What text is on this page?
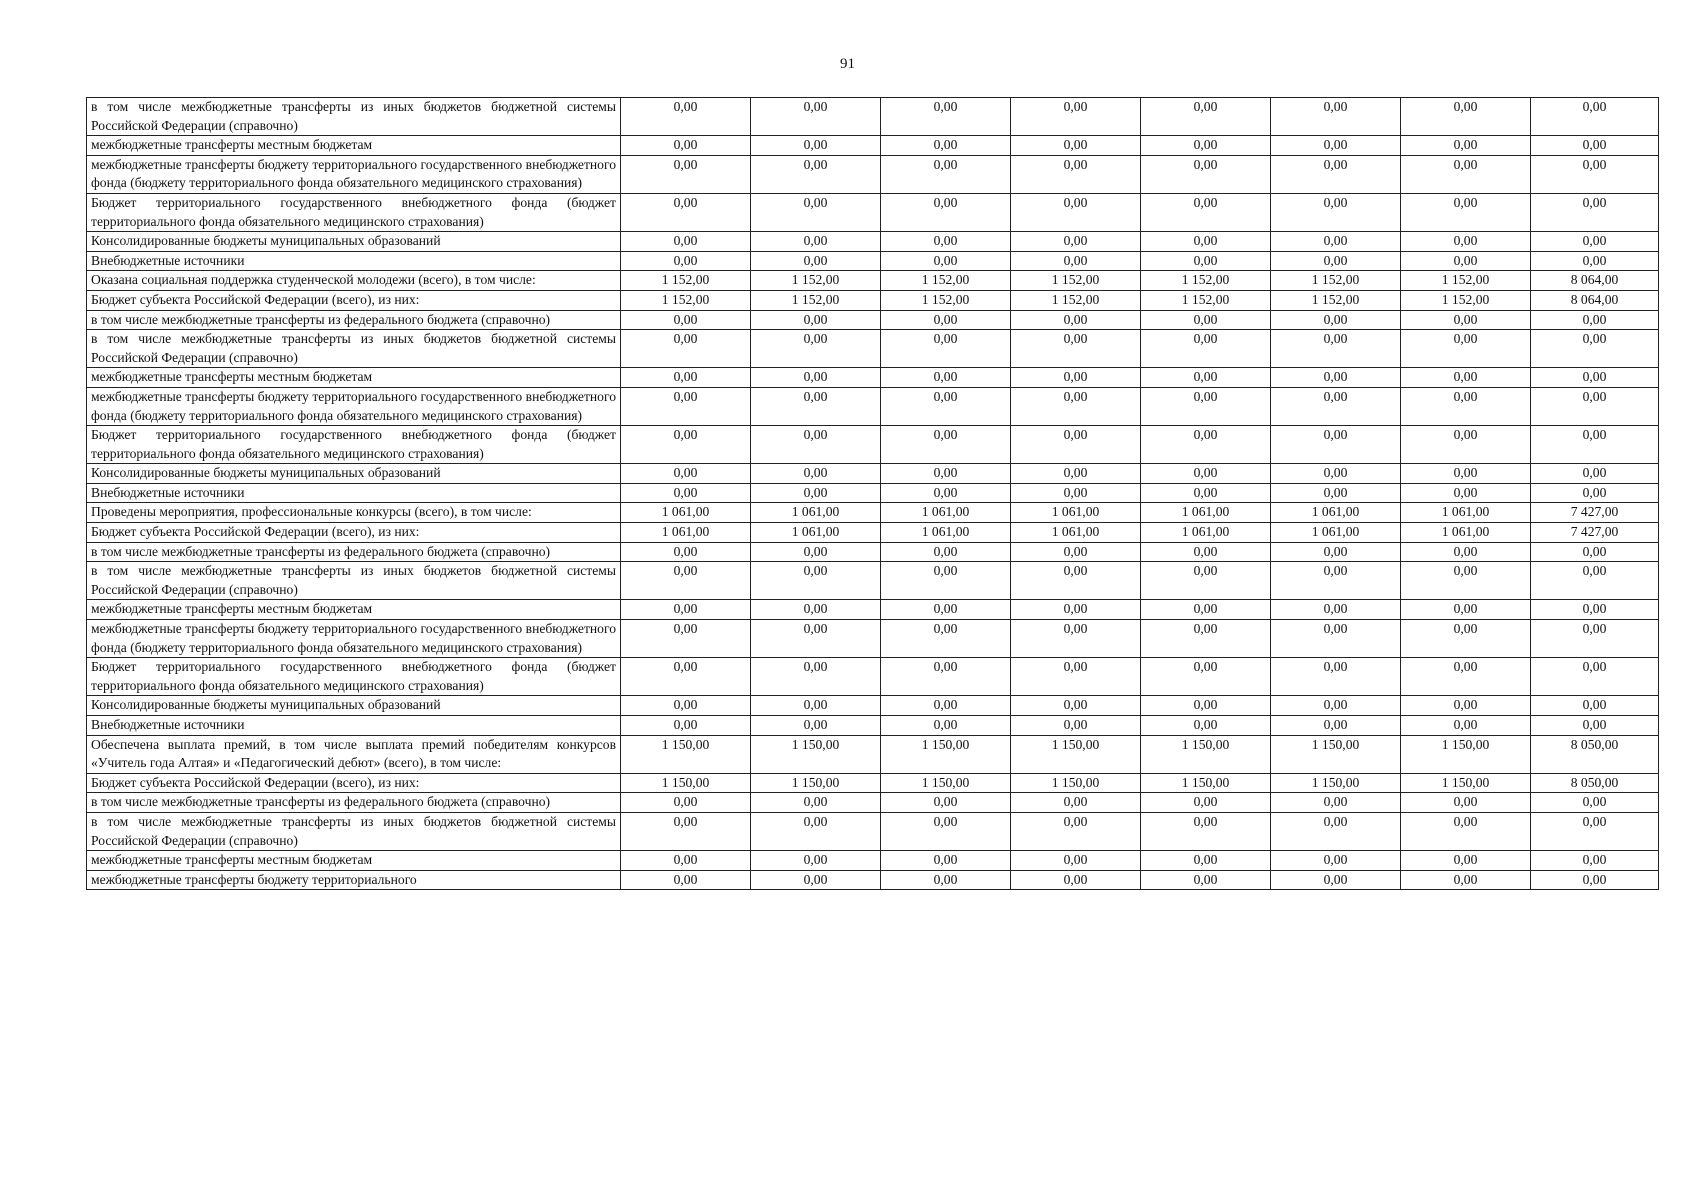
91
в том числе межбюджетные трансферты из иных бюджетов бюджетной системы Российской Федерации (справочно)	0,00	0,00	0,00	0,00	0,00	0,00	0,00	0,00
межбюджетные трансферты местным бюджетам	0,00	0,00	0,00	0,00	0,00	0,00	0,00	0,00
межбюджетные трансферты бюджету территориального государственного внебюджетного фонда (бюджету территориального фонда обязательного медицинского страхования)	0,00	0,00	0,00	0,00	0,00	0,00	0,00	0,00
Бюджет территориального государственного внебюджетного фонда (бюджет территориального фонда обязательного медицинского страхования)	0,00	0,00	0,00	0,00	0,00	0,00	0,00	0,00
Консолидированные бюджеты муниципальных образований	0,00	0,00	0,00	0,00	0,00	0,00	0,00	0,00
Внебюджетные источники	0,00	0,00	0,00	0,00	0,00	0,00	0,00	0,00
Оказана социальная поддержка студенческой молодежи (всего), в том числе:	1 152,00	1 152,00	1 152,00	1 152,00	1 152,00	1 152,00	1 152,00	8 064,00
Бюджет субъекта Российской Федерации (всего), из них:	1 152,00	1 152,00	1 152,00	1 152,00	1 152,00	1 152,00	1 152,00	8 064,00
в том числе межбюджетные трансферты из федерального бюджета (справочно)	0,00	0,00	0,00	0,00	0,00	0,00	0,00	0,00
в том числе межбюджетные трансферты из иных бюджетов бюджетной системы Российской Федерации (справочно)	0,00	0,00	0,00	0,00	0,00	0,00	0,00	0,00
межбюджетные трансферты местным бюджетам	0,00	0,00	0,00	0,00	0,00	0,00	0,00	0,00
межбюджетные трансферты бюджету территориального государственного внебюджетного фонда (бюджету территориального фонда обязательного медицинского страхования)	0,00	0,00	0,00	0,00	0,00	0,00	0,00	0,00
Бюджет территориального государственного внебюджетного фонда (бюджет территориального фонда обязательного медицинского страхования)	0,00	0,00	0,00	0,00	0,00	0,00	0,00	0,00
Консолидированные бюджеты муниципальных образований	0,00	0,00	0,00	0,00	0,00	0,00	0,00	0,00
Внебюджетные источники	0,00	0,00	0,00	0,00	0,00	0,00	0,00	0,00
Проведены мероприятия, профессиональные конкурсы (всего), в том числе:	1 061,00	1 061,00	1 061,00	1 061,00	1 061,00	1 061,00	1 061,00	7 427,00
Бюджет субъекта Российской Федерации (всего), из них:	1 061,00	1 061,00	1 061,00	1 061,00	1 061,00	1 061,00	1 061,00	7 427,00
в том числе межбюджетные трансферты из федерального бюджета (справочно)	0,00	0,00	0,00	0,00	0,00	0,00	0,00	0,00
в том числе межбюджетные трансферты из иных бюджетов бюджетной системы Российской Федерации (справочно)	0,00	0,00	0,00	0,00	0,00	0,00	0,00	0,00
межбюджетные трансферты местным бюджетам	0,00	0,00	0,00	0,00	0,00	0,00	0,00	0,00
межбюджетные трансферты бюджету территориального государственного внебюджетного фонда (бюджету территориального фонда обязательного медицинского страхования)	0,00	0,00	0,00	0,00	0,00	0,00	0,00	0,00
Бюджет территориального государственного внебюджетного фонда (бюджет территориального фонда обязательного медицинского страхования)	0,00	0,00	0,00	0,00	0,00	0,00	0,00	0,00
Консолидированные бюджеты муниципальных образований	0,00	0,00	0,00	0,00	0,00	0,00	0,00	0,00
Внебюджетные источники	0,00	0,00	0,00	0,00	0,00	0,00	0,00	0,00
Обеспечена выплата премий, в том числе выплата премий победителям конкурсов «Учитель года Алтая» и «Педагогический дебют» (всего), в том числе:	1 150,00	1 150,00	1 150,00	1 150,00	1 150,00	1 150,00	1 150,00	8 050,00
Бюджет субъекта Российской Федерации (всего), из них:	1 150,00	1 150,00	1 150,00	1 150,00	1 150,00	1 150,00	1 150,00	8 050,00
в том числе межбюджетные трансферты из федерального бюджета (справочно)	0,00	0,00	0,00	0,00	0,00	0,00	0,00	0,00
в том числе межбюджетные трансферты из иных бюджетов бюджетной системы Российской Федерации (справочно)	0,00	0,00	0,00	0,00	0,00	0,00	0,00	0,00
межбюджетные трансферты местным бюджетам	0,00	0,00	0,00	0,00	0,00	0,00	0,00	0,00
межбюджетные трансферты бюджету территориального	0,00	0,00	0,00	0,00	0,00	0,00	0,00	0,00
